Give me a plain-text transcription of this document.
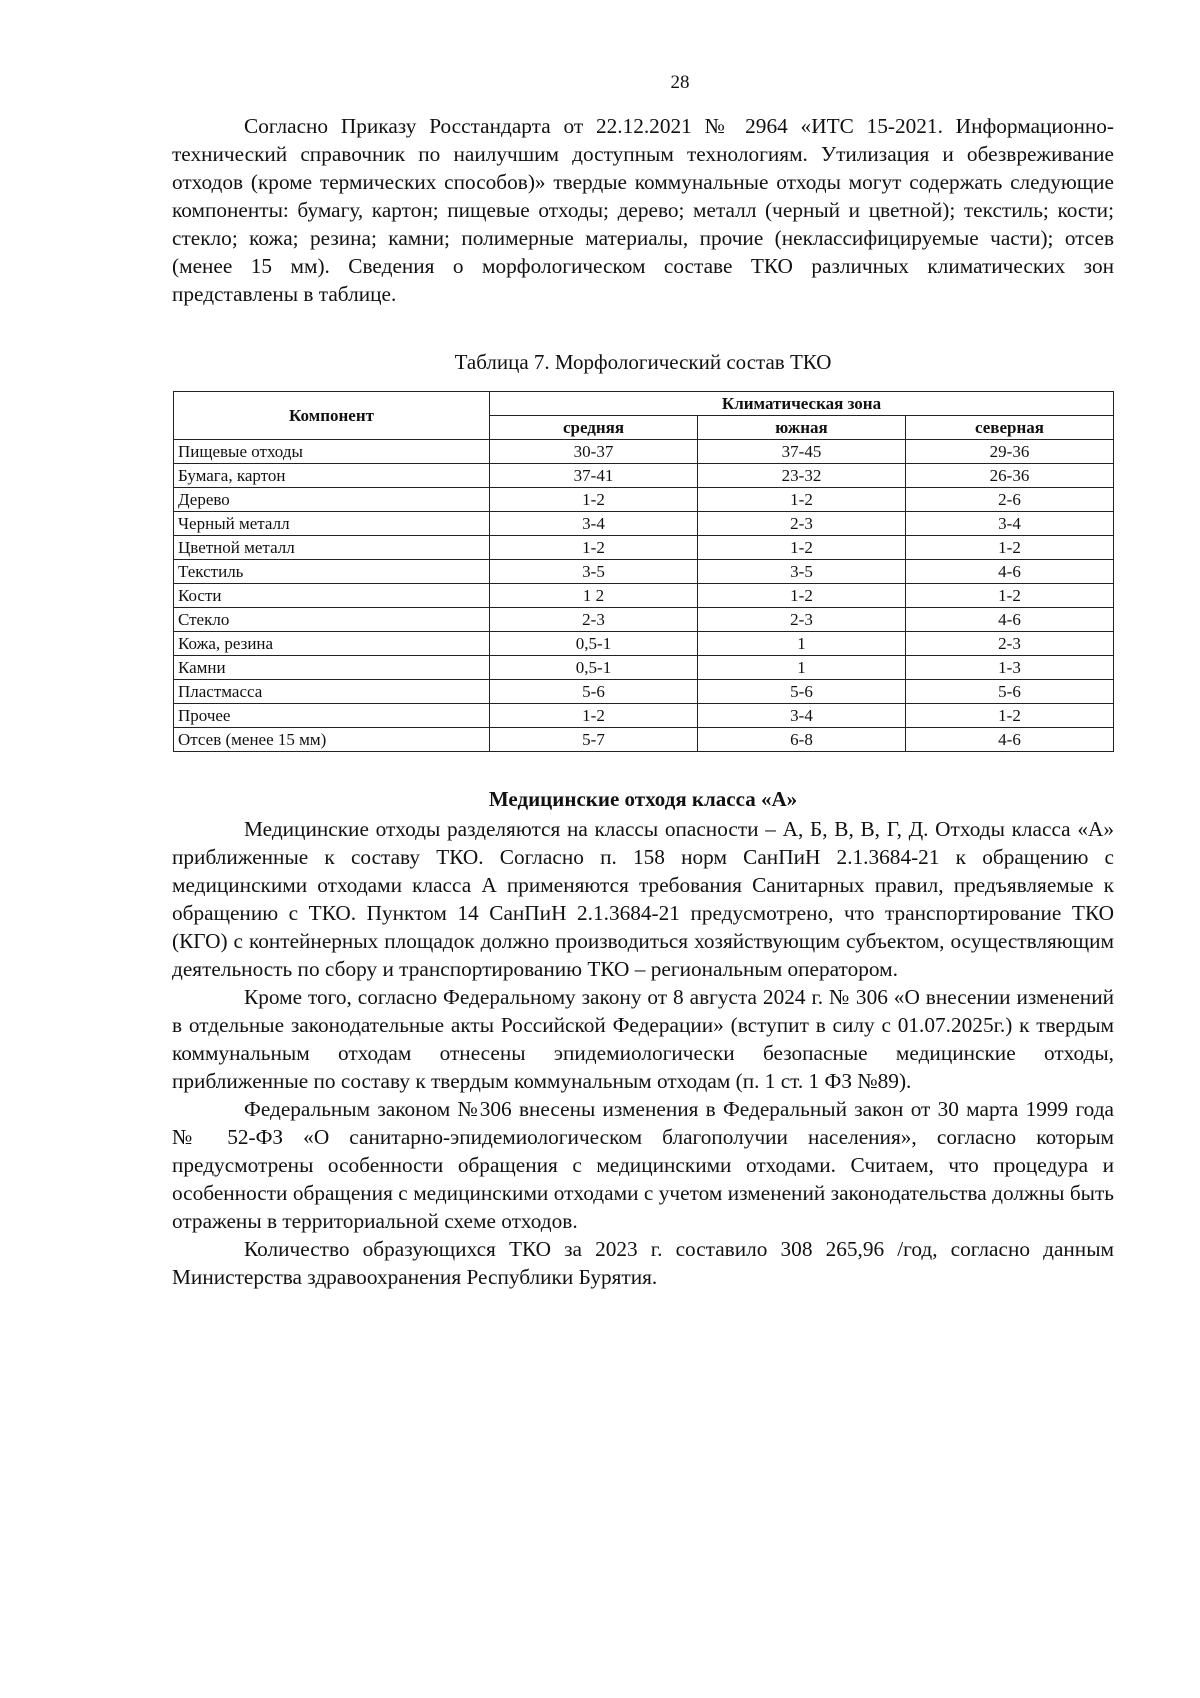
28

Согласно Приказу Росстандарта от 22.12.2021 № 2964 «ИТС 15-2021. Информационно-технический справочник по наилучшим доступным технологиям. Утилизация и обезвреживание отходов (кроме термических способов)» твердые коммунальные отходы могут содержать следующие компоненты: бумагу, картон; пищевые отходы; дерево; металл (черный и цветной); текстиль; кости; стекло; кожа; резина; камни; полимерные материалы, прочие (неклассифицируемые части); отсев (менее 15 мм). Сведения о морфологическом составе ТКО различных климатических зон представлены в таблице.

Таблица 7. Морфологический состав ТКО
Компонент	Климатическая зона		
	средняя	южная	северная
Пищевые отходы	30-37	37-45	29-36
Бумага, картон	37-41	23-32	26-36
Дерево	1-2	1-2	2-6
Черный металл	3-4	2-3	3-4
Цветной металл	1-2	1-2	1-2
Текстиль	3-5	3-5	4-6
Кости	1 2	1-2	1-2
Стекло	2-3	2-3	4-6
Кожа, резина	0,5-1	1	2-3
Камни	0,5-1	1	1-3
Пластмасса	5-6	5-6	5-6
Прочее	1-2	3-4	1-2
Отсев (менее 15 мм)	5-7	6-8	4-6
Медицинские отходя класса «А»

Медицинские отходы разделяются на классы опасности – А, Б, В, В, Г, Д. Отходы класса «А» приближенные к составу ТКО. Согласно п. 158 норм СанПиН 2.1.3684-21 к обращению с медицинскими отходами класса А применяются требования Санитарных правил, предъявляемые к обращению с ТКО. Пунктом 14 СанПиН 2.1.3684-21 предусмотрено, что транспортирование ТКО (КГО) с контейнерных площадок должно производиться хозяйствующим субъектом, осуществляющим деятельность по сбору и транспортированию ТКО – региональным оператором.

Кроме того, согласно Федеральному закону от 8 августа 2024 г. № 306 «О внесении изменений в отдельные законодательные акты Российской Федерации» (вступит в силу с 01.07.2025г.) к твердым коммунальным отходам отнесены эпидемиологически безопасные медицинские отходы, приближенные по составу к твердым коммунальным отходам (п. 1 ст. 1 ФЗ №89).

Федеральным законом №306 внесены изменения в Федеральный закон от 30 марта 1999 года № 52-ФЗ «О санитарно-эпидемиологическом благополучии населения», согласно которым предусмотрены особенности обращения с медицинскими отходами. Считаем, что процедура и особенности обращения с медицинскими отходами с учетом изменений законодательства должны быть отражены в территориальной схеме отходов.

Количество образующихся ТКО за 2023 г. составило 308 265,96 /год, согласно данным Министерства здравоохранения Республики Бурятия.
